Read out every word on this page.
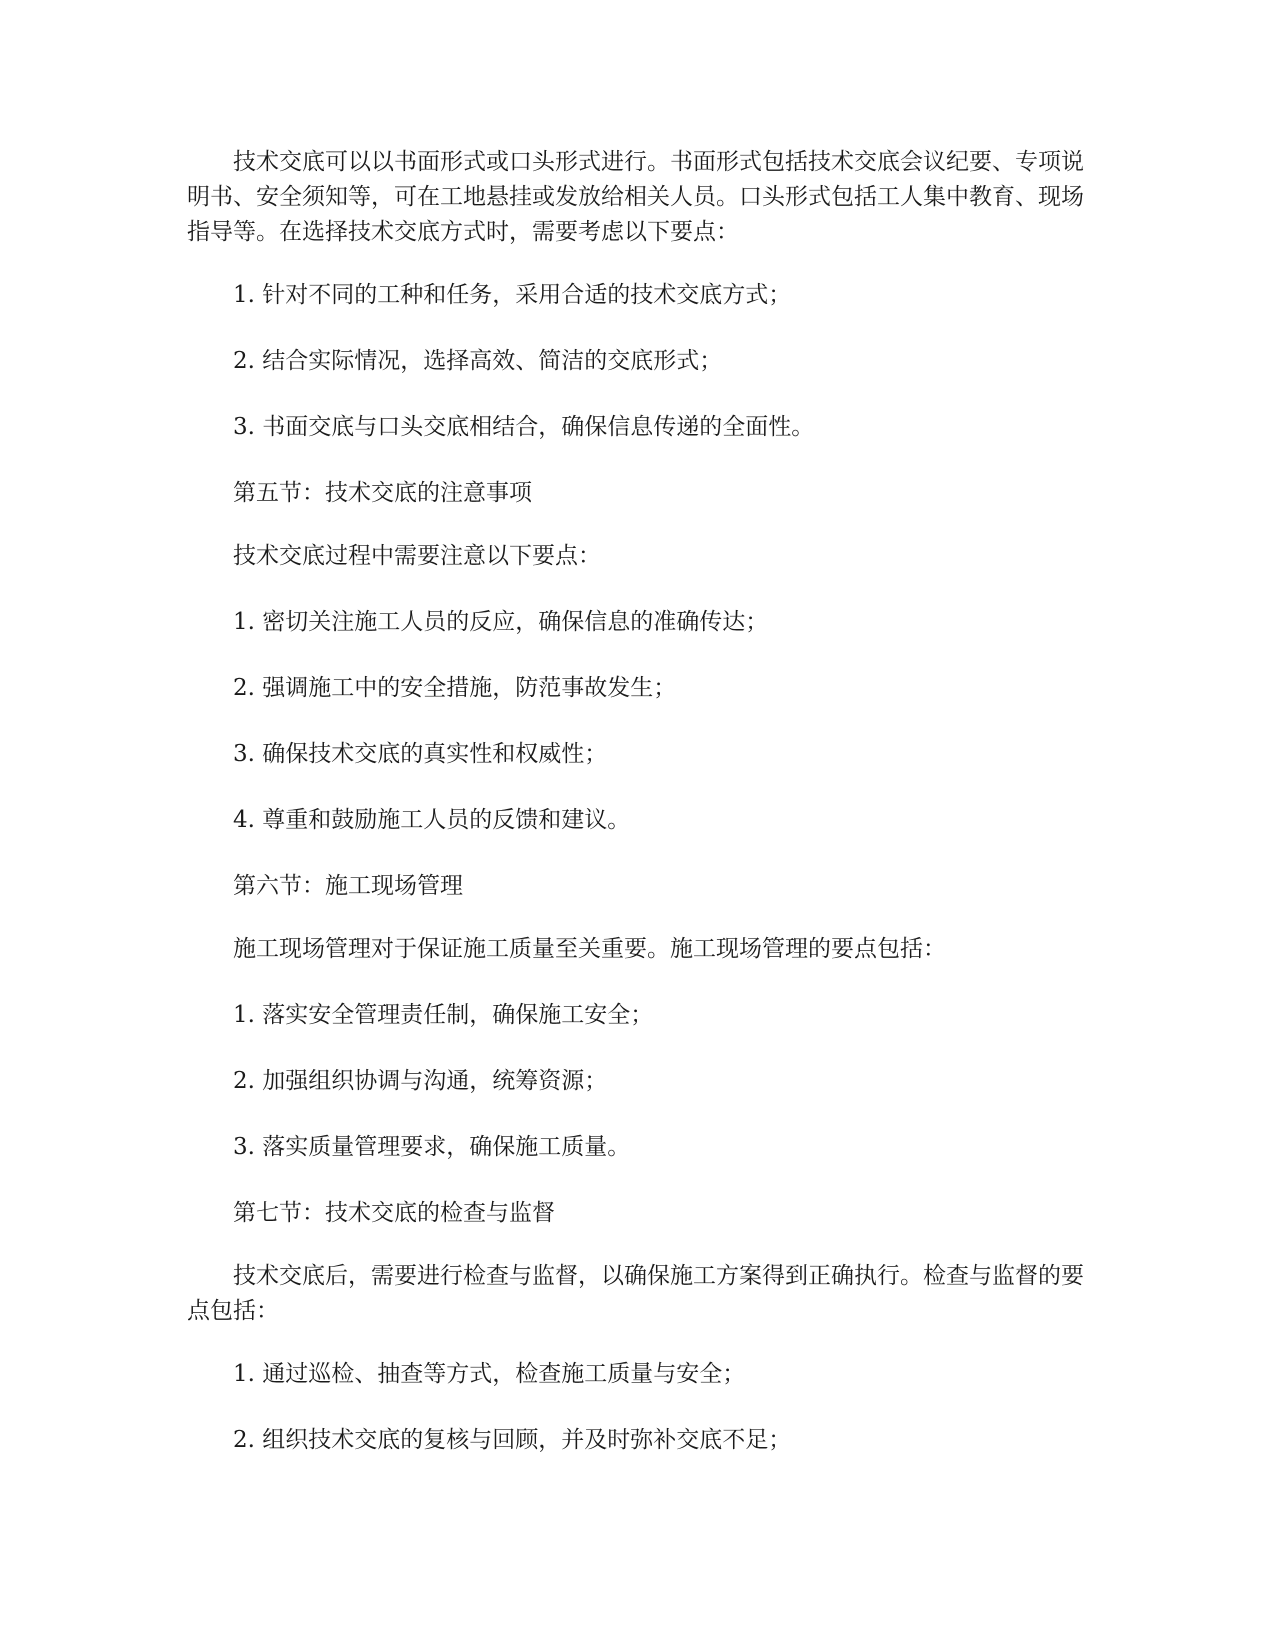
技术交底可以以书面形式或口头形式进行。书面形式包括技术交底会议纪要、专项说明书、安全须知等，可在工地悬挂或发放给相关人员。口头形式包括工人集中教育、现场指导等。在选择技术交底方式时，需要考虑以下要点：

1. 针对不同的工种和任务，采用合适的技术交底方式；

2. 结合实际情况，选择高效、简洁的交底形式；

3. 书面交底与口头交底相结合，确保信息传递的全面性。

第五节：技术交底的注意事项

技术交底过程中需要注意以下要点：

1. 密切关注施工人员的反应，确保信息的准确传达；

2. 强调施工中的安全措施，防范事故发生；

3. 确保技术交底的真实性和权威性；

4. 尊重和鼓励施工人员的反馈和建议。

第六节：施工现场管理

施工现场管理对于保证施工质量至关重要。施工现场管理的要点包括：

1. 落实安全管理责任制，确保施工安全；

2. 加强组织协调与沟通，统筹资源；

3. 落实质量管理要求，确保施工质量。

第七节：技术交底的检查与监督

技术交底后，需要进行检查与监督，以确保施工方案得到正确执行。检查与监督的要点包括：

1. 通过巡检、抽查等方式，检查施工质量与安全；

2. 组织技术交底的复核与回顾，并及时弥补交底不足；
